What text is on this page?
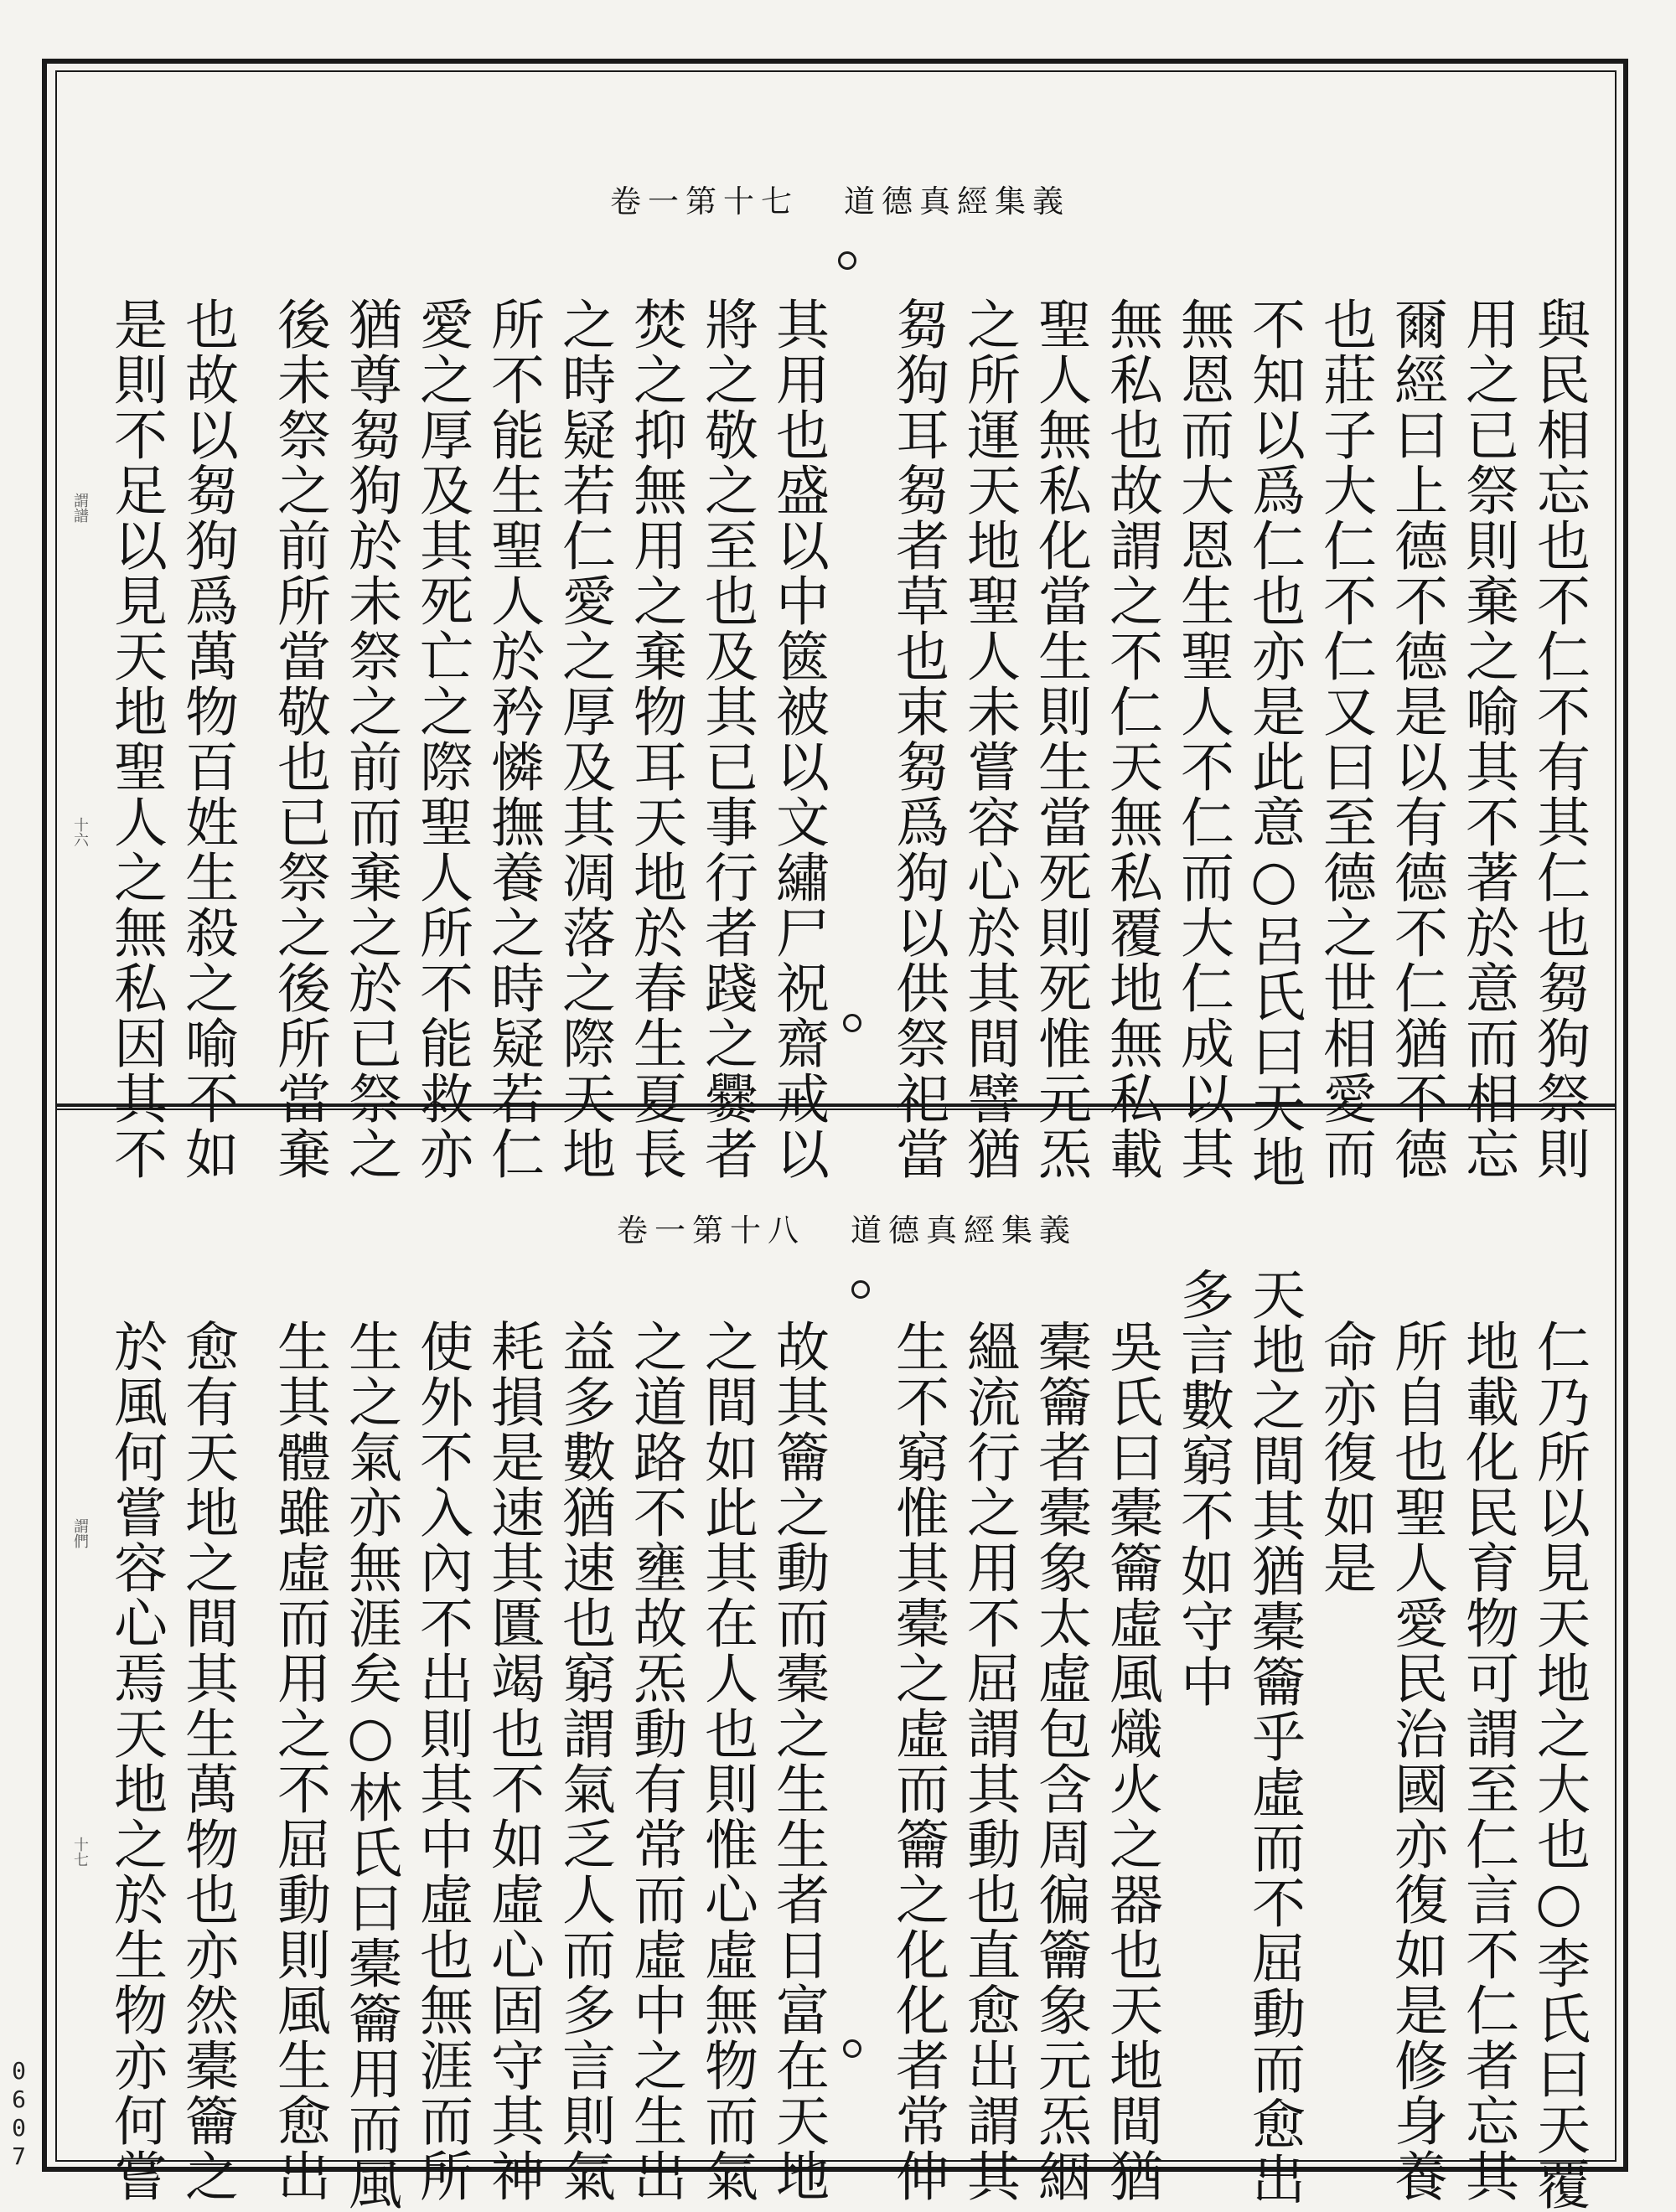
卷一第十七 道德真經集義
謂譜
十六	與民相忘也不仁不有其仁也芻狗祭則
用之已祭則棄之喻其不著於意而相忘
爾經曰上德不德是以有德不仁猶不德
也莊子大仁不仁又曰至德之世相愛而
不知以爲仁也亦是此意○呂氏曰天地
無恩而大恩生聖人不仁而大仁成以其
無私也故謂之不仁天無私覆地無私載
聖人無私化當生則生當死則死惟元炁
之所運天地聖人未嘗容心於其間譬猶
芻狗耳芻者草也束芻爲狗以供祭祀當
其用也盛以中篋被以文繡尸祝齋戒以
將之敬之至也及其已事行者踐之爨者
焚之抑無用之棄物耳天地於春生夏長
之時疑若仁愛之厚及其凋落之際天地
所不能生聖人於矜憐撫養之時疑若仁
愛之厚及其死亡之際聖人所不能救亦
猶尊芻狗於未祭之前而棄之於已祭之
後未祭之前所當敬也已祭之後所當棄
也故以芻狗爲萬物百姓生殺之喻不如
是則不足以見天地聖人之無私因其不
卷一第十八 道德真經集義
謂們
十七	仁乃所以見天地之大也○李氏曰天覆
地載化民育物可謂至仁言不仁者忘其
所自也聖人愛民治國亦復如是修身養
命亦復如是
天地之間其猶橐籥乎虛而不屈動而愈出
多言數窮不如守中
吳氏曰橐籥虛風熾火之器也天地間猶
橐籥者橐象太虛包含周徧籥象元炁絪
縕流行之用不屈謂其動也直愈出謂其
生不窮惟其橐之虛而籥之化化者常伸
故其籥之動而橐之生生者日富在天地
之間如此其在人也則惟心虛無物而氣
之道路不壅故炁動有常而虛中之生出
益多數猶速也窮謂氣乏人而多言則氣
耗損是速其匱竭也不如虛心固守其神
使外不入內不出則其中虛也無涯而所
生之氣亦無涯矣○林氏曰橐籥用而風
生其體雖虛而用之不屈動則風生愈出
愈有天地之間其生萬物也亦然橐籥之
於風何嘗容心焉天地之於生物亦何嘗
0607
